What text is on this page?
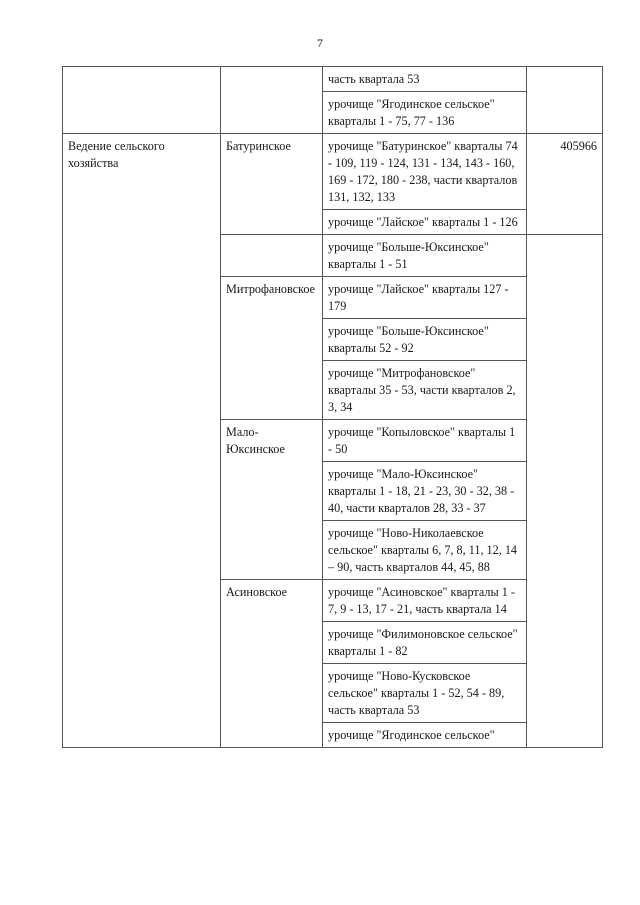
7
		часть квартала 53	
		урочище "Ягодинское сельское" кварталы 1 - 75, 77 - 136	
Ведение сельского хозяйства	Батуринское	урочище "Батуринское" кварталы 74 - 109, 119 - 124, 131 - 134, 143 - 160, 169 - 172, 180 - 238, части кварталов 131, 132, 133	405966
		урочище "Лайское" кварталы 1 - 126	
		урочище "Больше-Юксинское" кварталы 1 - 51	
	Митрофановское	урочище "Лайское" кварталы 127 - 179	
		урочище "Больше-Юксинское" кварталы 52 - 92	
		урочище "Митрофановское" кварталы 35 - 53, части кварталов 2, 3, 34	
	Мало-Юксинское	урочище "Копыловское" кварталы 1 - 50	
		урочище "Мало-Юксинское" кварталы 1 - 18, 21 - 23, 30 - 32, 38 - 40, части кварталов 28, 33 - 37	
		урочище "Ново-Николаевское сельское" кварталы 6, 7, 8, 11, 12, 14 – 90, часть кварталов 44, 45, 88	
	Асиновское	урочище "Асиновское" кварталы 1 - 7, 9 - 13, 17 - 21, часть квартала 14	
		урочище "Филимоновское сельское" кварталы 1 - 82	
		урочище "Ново-Кусковское сельское" кварталы 1 - 52, 54 - 89, часть квартала 53	
		урочище "Ягодинское сельское"	
